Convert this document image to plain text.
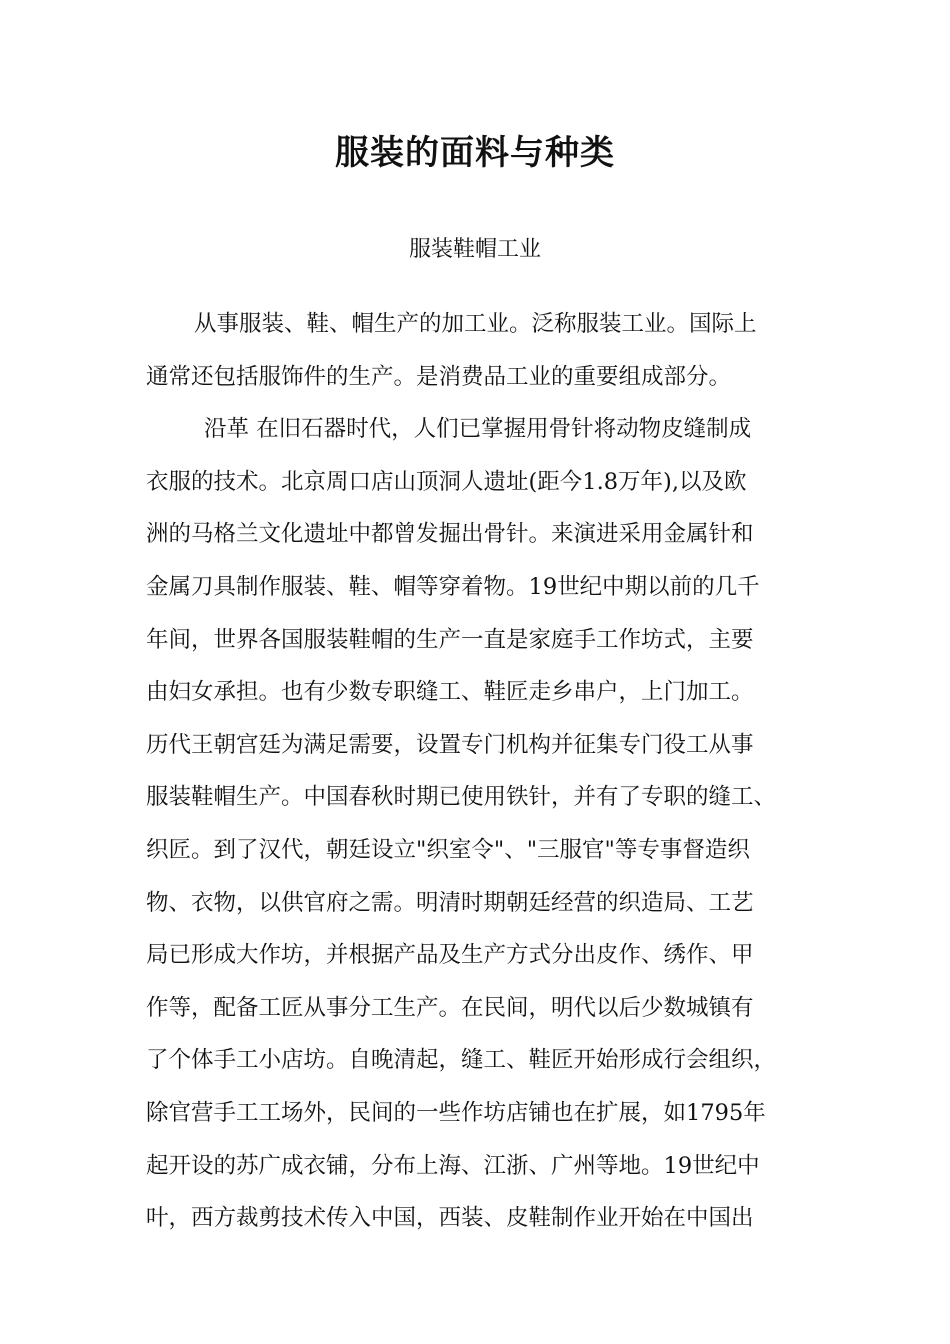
服装的面料与种类
服装鞋帽工业
从事服装、鞋、帽生产的加工业。泛称服装工业。国际上
通常还包括服饰件的生产。是消费品工业的重要组成部分。
沿革 在旧石器时代，人们已掌握用骨针将动物皮缝制成
衣服的技术。北京周口店山顶洞人遗址(距今1.8万年),以及欧
洲的马格兰文化遗址中都曾发掘出骨针。来演进采用金属针和
金属刀具制作服装、鞋、帽等穿着物。19世纪中期以前的几千
年间，世界各国服装鞋帽的生产一直是家庭手工作坊式，主要
由妇女承担。也有少数专职缝工、鞋匠走乡串户，上门加工。
历代王朝宫廷为满足需要，设置专门机构并征集专门役工从事
服装鞋帽生产。中国春秋时期已使用铁针，并有了专职的缝工、
织匠。到了汉代，朝廷设立"织室令"、"三服官"等专事督造织
物、衣物，以供官府之需。明清时期朝廷经营的织造局、工艺
局已形成大作坊，并根据产品及生产方式分出皮作、绣作、甲
作等，配备工匠从事分工生产。在民间，明代以后少数城镇有
了个体手工小店坊。自晚清起，缝工、鞋匠开始形成行会组织，
除官营手工工场外，民间的一些作坊店铺也在扩展，如1795年
起开设的苏广成衣铺，分布上海、江浙、广州等地。19世纪中
叶，西方裁剪技术传入中国，西装、皮鞋制作业开始在中国出
